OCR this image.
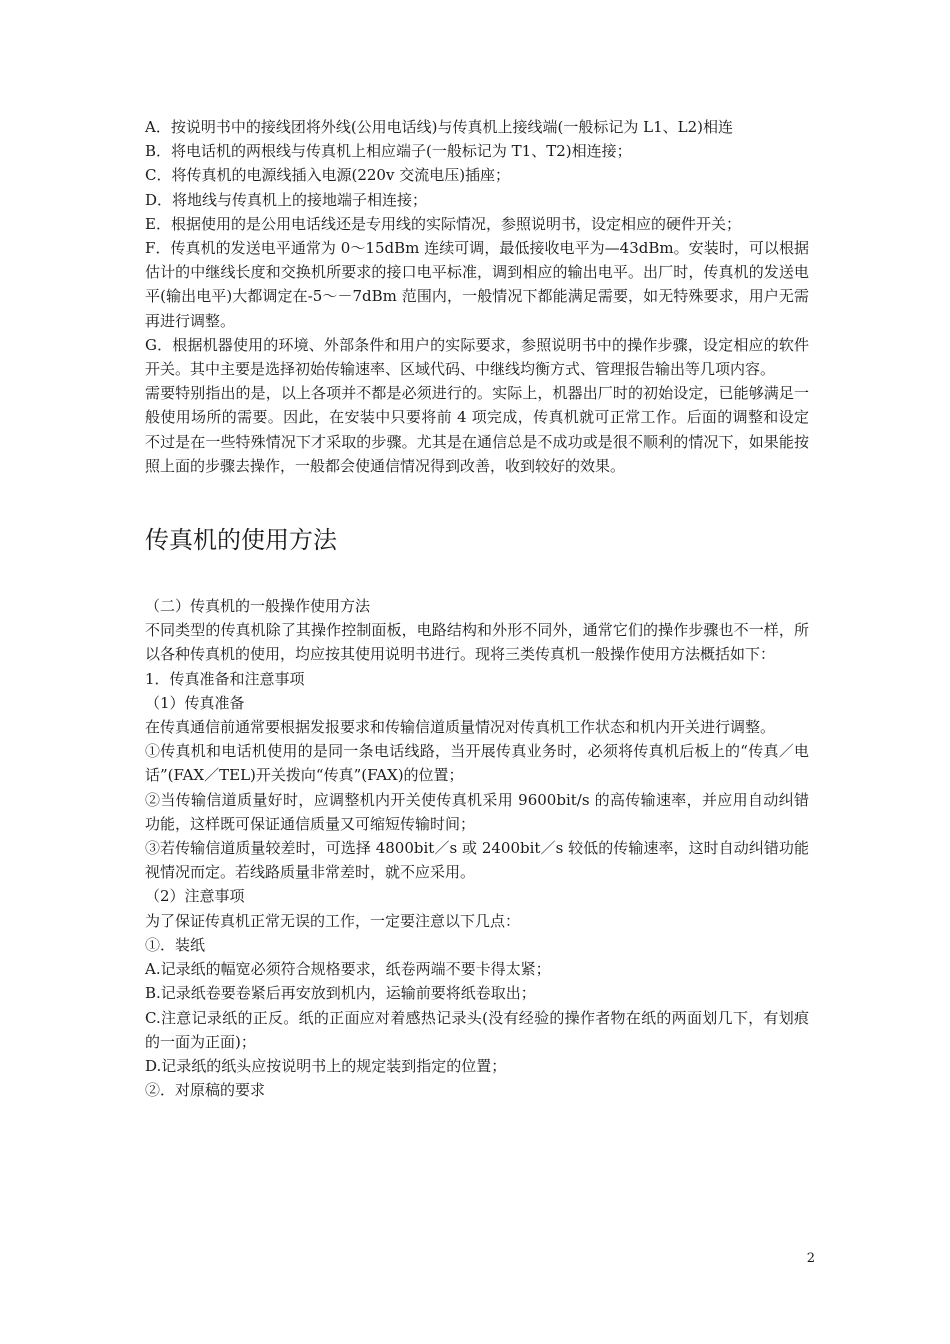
A．按说明书中的接线团将外线(公用电话线)与传真机上接线端(一般标记为 L1、L2)相连

B．将电话机的两根线与传真机上相应端子(一般标记为 T1、T2)相连接；

C．将传真机的电源线插入电源(220v 交流电压)插座；

D．将地线与传真机上的接地端子相连接；

E．根据使用的是公用电话线还是专用线的实际情况，参照说明书，设定相应的硬件开关；

F．传真机的发送电平通常为 0～15dBm 连续可调，最低接收电平为—43dBm。安装时，可以根据估计的中继线长度和交换机所要求的接口电平标准，调到相应的输出电平。出厂时，传真机的发送电平(输出电平)大都调定在-5～－7dBm 范围内，一般情况下都能满足需要，如无特殊要求，用户无需再进行调整。

G．根据机器使用的环境、外部条件和用户的实际要求，参照说明书中的操作步骤，设定相应的软件开关。其中主要是选择初始传输速率、区域代码、中继线均衡方式、管理报告输出等几项内容。

需要特别指出的是，以上各项并不都是必须进行的。实际上，机器出厂时的初始设定，已能够满足一般使用场所的需要。因此，在安装中只要将前 4 项完成，传真机就可正常工作。后面的调整和设定不过是在一些特殊情况下才采取的步骤。尤其是在通信总是不成功或是很不顺利的情况下，如果能按照上面的步骤去操作，一般都会使通信情况得到改善，收到较好的效果。

传真机的使用方法

（二）传真机的一般操作使用方法

不同类型的传真机除了其操作控制面板，电路结构和外形不同外，通常它们的操作步骤也不一样，所以各种传真机的使用，均应按其使用说明书进行。现将三类传真机一般操作使用方法概括如下：

1．传真准备和注意事项

（1）传真准备

在传真通信前通常要根据发报要求和传输信道质量情况对传真机工作状态和机内开关进行调整。

①传真机和电话机使用的是同一条电话线路，当开展传真业务时，必须将传真机后板上的“传真／电话”(FAX／TEL)开关拨向“传真”(FAX)的位置；

②当传输信道质量好时，应调整机内开关使传真机采用 9600bit/s 的高传输速率，并应用自动纠错功能，这样既可保证通信质量又可缩短传输时间；

③若传输信道质量较差时，可选择 4800bit／s 或 2400bit／s 较低的传输速率，这时自动纠错功能视情况而定。若线路质量非常差时，就不应采用。

（2）注意事项

为了保证传真机正常无误的工作，一定要注意以下几点：

①．装纸

A.记录纸的幅宽必须符合规格要求，纸卷两端不要卡得太紧；

B.记录纸卷要卷紧后再安放到机内，运输前要将纸卷取出；

C.注意记录纸的正反。纸的正面应对着感热记录头(没有经验的操作者物在纸的两面划几下，有划痕的一面为正面)；

D.记录纸的纸头应按说明书上的规定装到指定的位置；

②．对原稿的要求

2
